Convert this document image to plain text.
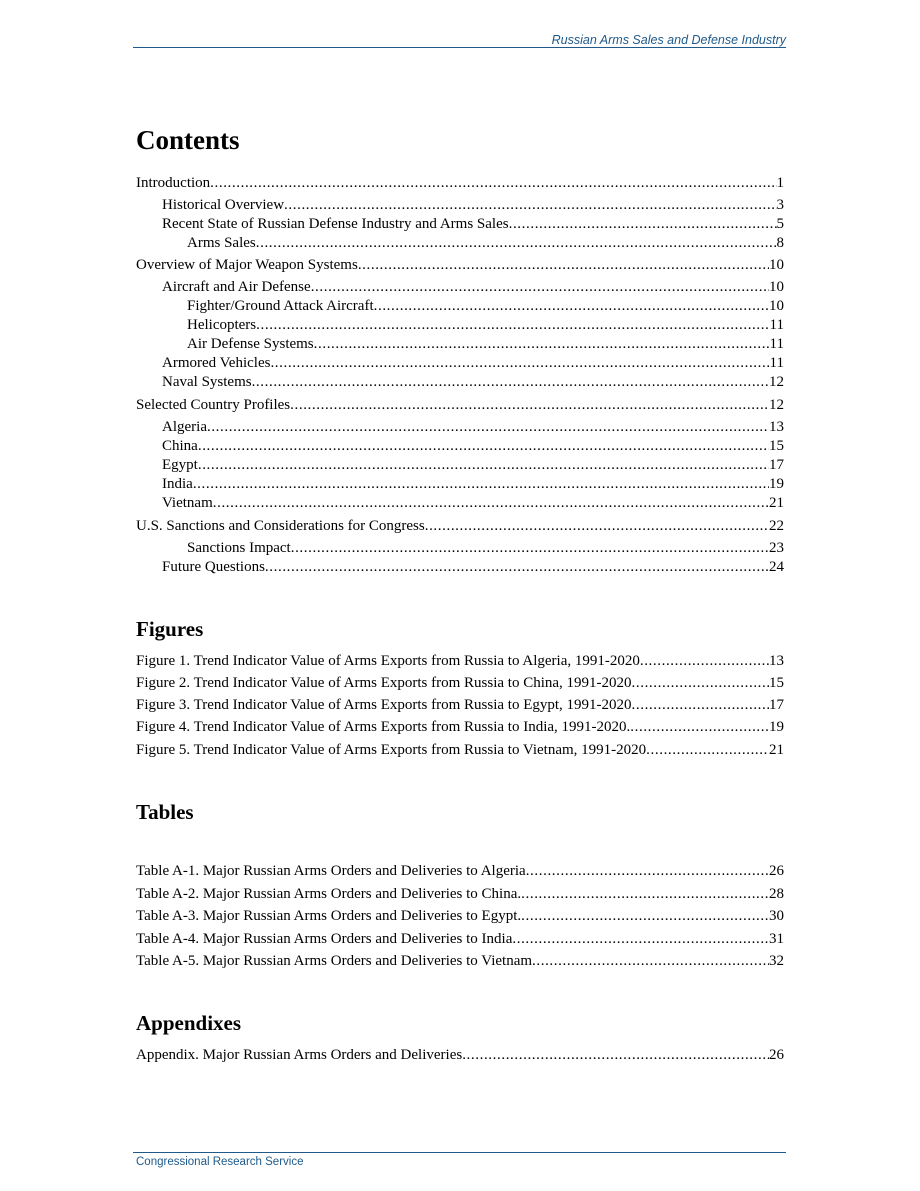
Russian Arms Sales and Defense Industry
Contents
Introduction .....	1
Historical Overview .....	3
Recent State of Russian Defense Industry and Arms Sales .....	5
Arms Sales .....	8
Overview of Major Weapon Systems .....	10
Aircraft and Air Defense .....	10
Fighter/Ground Attack Aircraft .....	10
Helicopters .....	11
Air Defense Systems .....	11
Armored Vehicles .....	11
Naval Systems .....	12
Selected Country Profiles .....	12
Algeria .....	13
China .....	15
Egypt .....	17
India .....	19
Vietnam .....	21
U.S. Sanctions and Considerations for Congress .....	22
Sanctions Impact .....	23
Future Questions .....	24
Figures
Figure 1. Trend Indicator Value of Arms Exports from Russia to Algeria, 1991-2020 .....	13
Figure 2. Trend Indicator Value of Arms Exports from Russia to China, 1991-2020 .....	15
Figure 3. Trend Indicator Value of Arms Exports from Russia to Egypt, 1991-2020 .....	17
Figure 4. Trend Indicator Value of Arms Exports from Russia to India, 1991-2020. .....	19
Figure 5. Trend Indicator Value of Arms Exports from Russia to Vietnam, 1991-2020 .....	21
Tables
Table A-1. Major Russian Arms Orders and Deliveries to Algeria .....	26
Table A-2. Major Russian Arms Orders and Deliveries to China. .....	28
Table A-3. Major Russian Arms Orders and Deliveries to Egypt. .....	30
Table A-4. Major Russian Arms Orders and Deliveries to India .....	31
Table A-5. Major Russian Arms Orders and Deliveries to Vietnam .....	32
Appendixes
Appendix. Major Russian Arms Orders and Deliveries .....	26
Congressional Research Service
